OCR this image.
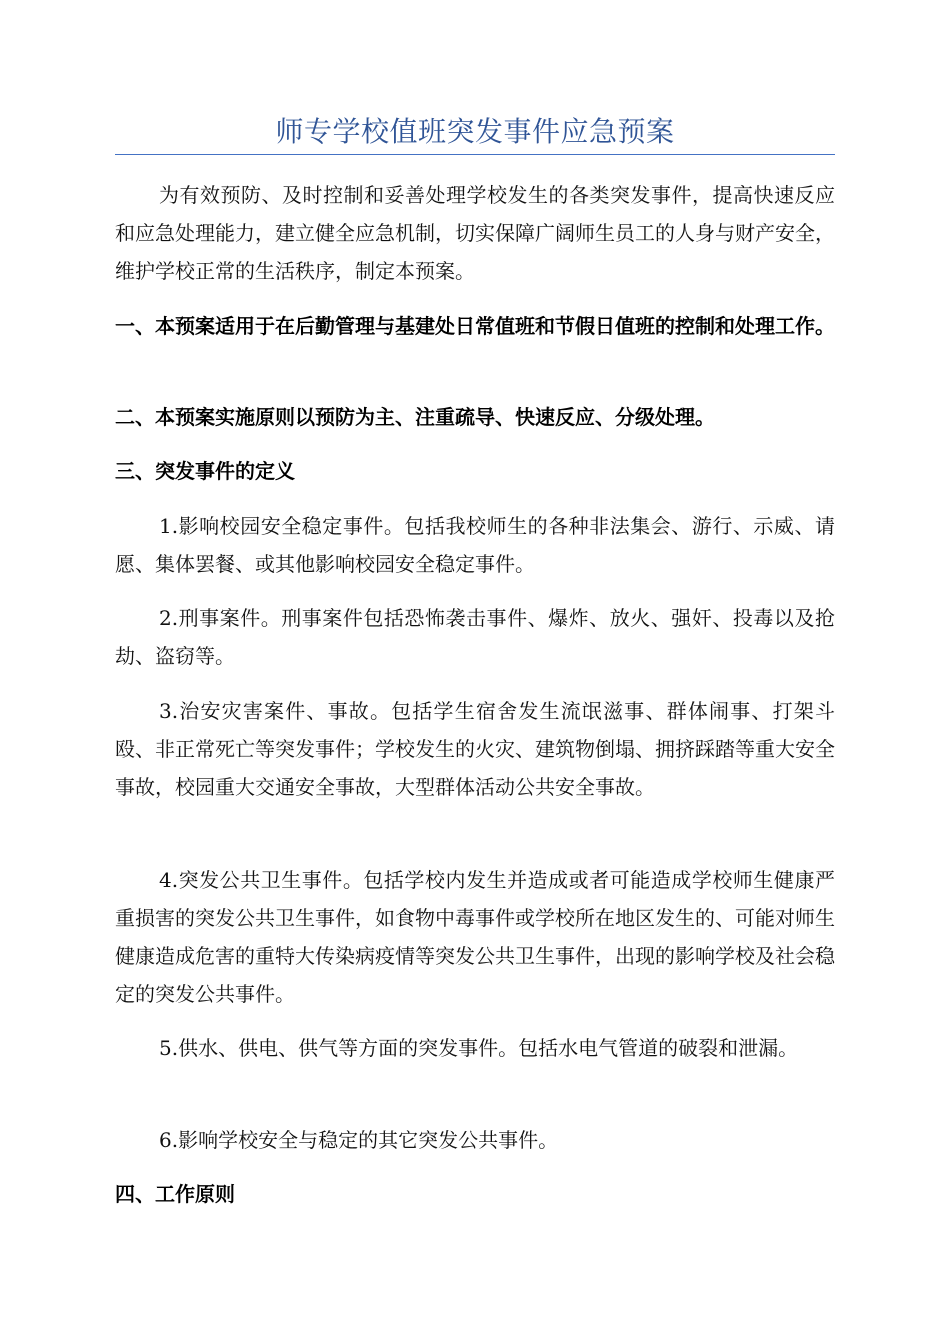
师专学校值班突发事件应急预案

为有效预防、及时控制和妥善处理学校发生的各类突发事件，提高快速反应和应急处理能力，建立健全应急机制，切实保障广阔师生员工的人身与财产安全，维护学校正常的生活秩序，制定本预案。

一、本预案适用于在后勤管理与基建处日常值班和节假日值班的控制和处理工作。

二、本预案实施原则以预防为主、注重疏导、快速反应、分级处理。

三、突发事件的定义

1.影响校园安全稳定事件。包括我校师生的各种非法集会、游行、示威、请愿、集体罢餐、或其他影响校园安全稳定事件。

2.刑事案件。刑事案件包括恐怖袭击事件、爆炸、放火、强奸、投毒以及抢劫、盗窃等。

3.治安灾害案件、事故。包括学生宿舍发生流氓滋事、群体闹事、打架斗殴、非正常死亡等突发事件；学校发生的火灾、建筑物倒塌、拥挤踩踏等重大安全事故，校园重大交通安全事故，大型群体活动公共安全事故。

4.突发公共卫生事件。包括学校内发生并造成或者可能造成学校师生健康严重损害的突发公共卫生事件，如食物中毒事件或学校所在地区发生的、可能对师生健康造成危害的重特大传染病疫情等突发公共卫生事件，出现的影响学校及社会稳定的突发公共事件。

5.供水、供电、供气等方面的突发事件。包括水电气管道的破裂和泄漏。

6.影响学校安全与稳定的其它突发公共事件。

四、工作原则
